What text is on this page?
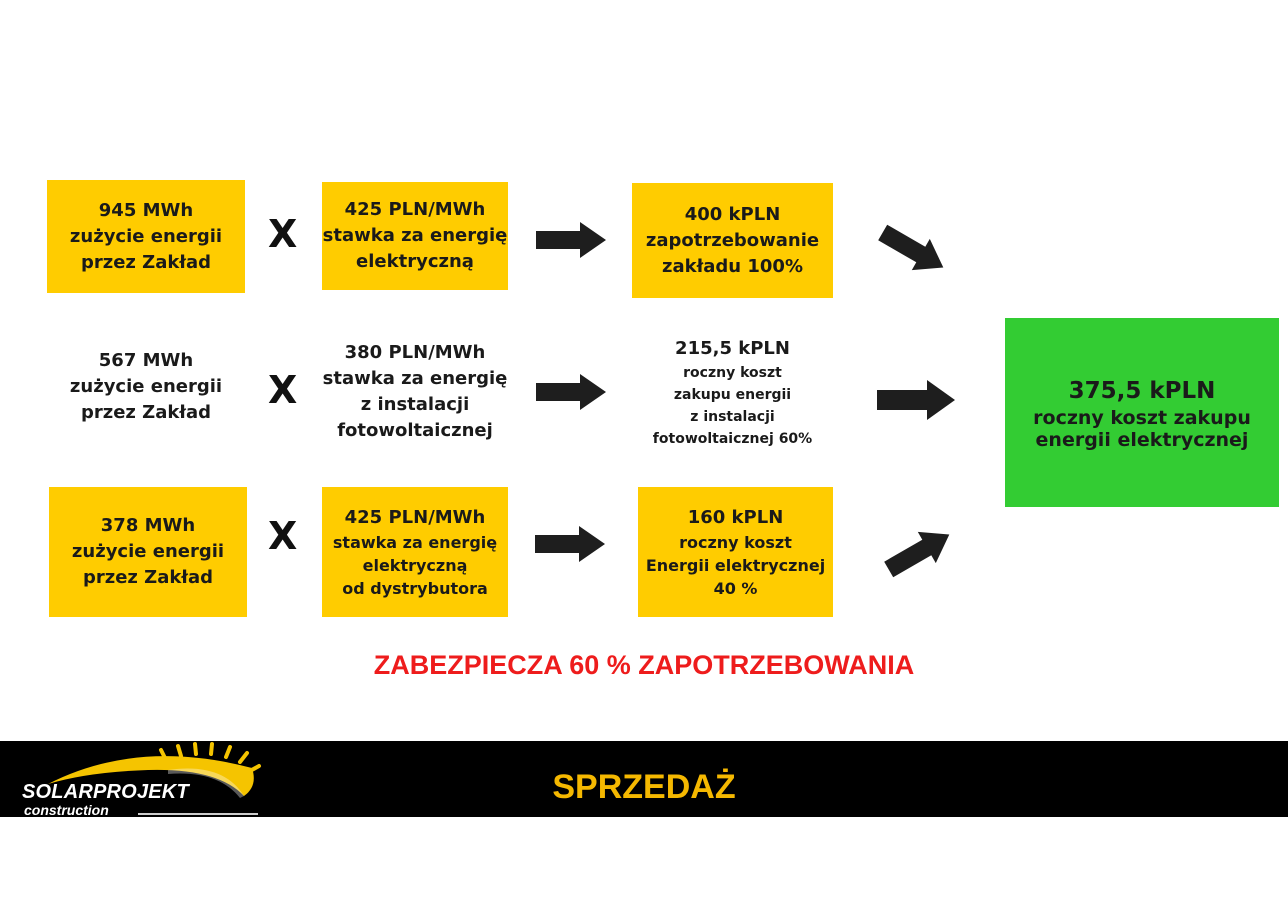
945 MWh
zużycie energii
przez Zakład
X
425 PLN/MWh
stawka za energię
elektryczną
400 kPLN
zapotrzebowanie
zakładu 100%
567 MWh
zużycie energii
przez Zakład X
380 PLN/MWh
stawka za energię
z instalacji
fotowoltaicznej
215,5 kPLN
roczny koszt
zakupu energii
z instalacji
fotowoltaicznej 60%
375,5 kPLN
roczny koszt zakupu
energii elektrycznej
378 MWh
zużycie energii
przez Zakład
X	425 PLN/MWh
stawka za energię
elektryczną
od dystrybutora
160 kPLN
roczny koszt
Energii elektrycznej
40 %
ZABEZPIECZA 60 % ZAPOTRZEBOWANIA
SOLARPROJEKT
construction
SPRZEDAŻ
